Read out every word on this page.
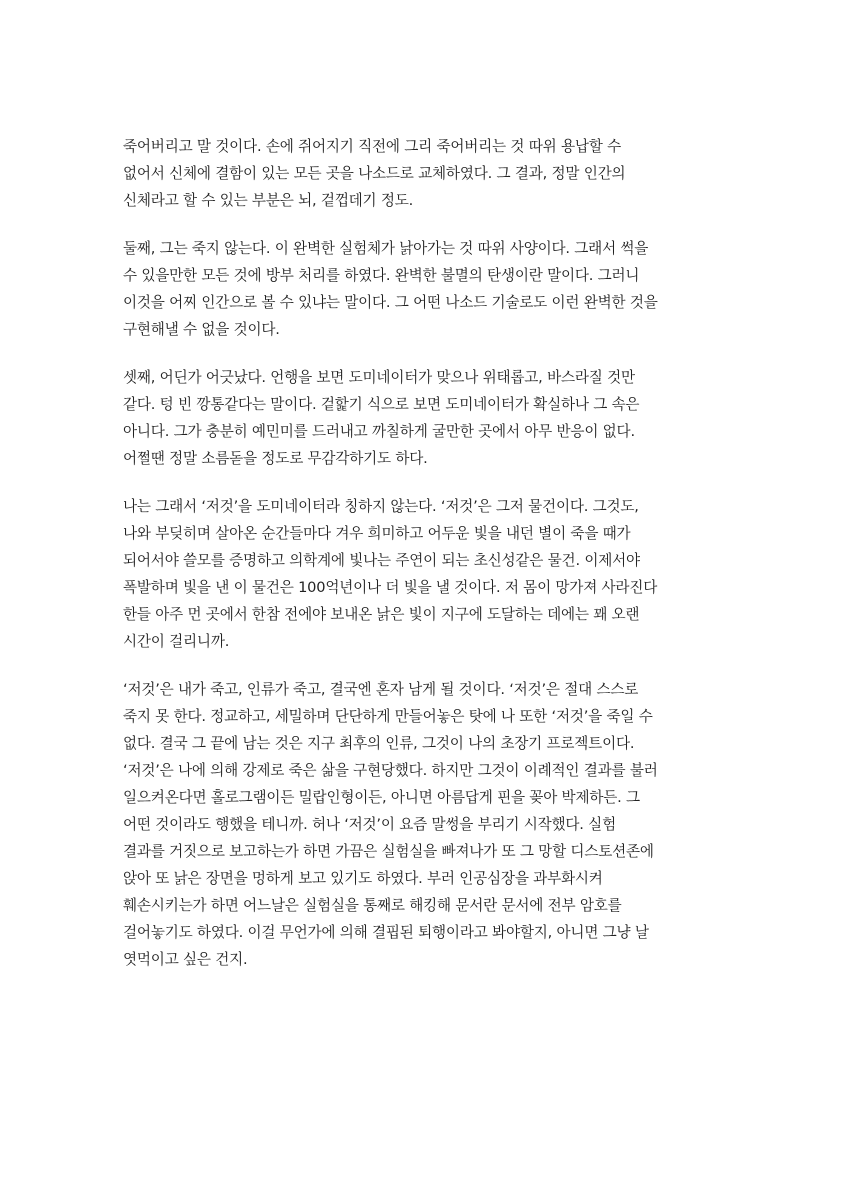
죽어버리고 말 것이다. 손에 쥐어지기 직전에 그리 죽어버리는 것 따위 용납할 수
없어서 신체에 결함이 있는 모든 곳을 나소드로 교체하였다. 그 결과, 정말 인간의
신체라고 할 수 있는 부분은 뇌, 겉껍데기 정도.
둘째, 그는 죽지 않는다. 이 완벽한 실험체가 낡아가는 것 따위 사양이다. 그래서 썩을
수 있을만한 모든 것에 방부 처리를 하였다. 완벽한 불멸의 탄생이란 말이다. 그러니
이것을 어찌 인간으로 볼 수 있냐는 말이다. 그 어떤 나소드 기술로도 이런 완벽한 것을
구현해낼 수 없을 것이다.
셋째, 어딘가 어긋났다. 언행을 보면 도미네이터가 맞으나 위태롭고, 바스라질 것만
같다. 텅 빈 깡통같다는 말이다. 겉핥기 식으로 보면 도미네이터가 확실하나 그 속은
아니다. 그가 충분히 예민미를 드러내고 까칠하게 굴만한 곳에서 아무 반응이 없다.
어쩔땐 정말 소름돋을 정도로 무감각하기도 하다.
나는 그래서 ‘저것’을 도미네이터라 칭하지 않는다. ‘저것’은 그저 물건이다. 그것도,
나와 부딪히며 살아온 순간들마다 겨우 희미하고 어두운 빛을 내던 별이 죽을 때가
되어서야 쓸모를 증명하고 의학계에 빛나는 주연이 되는 초신성같은 물건. 이제서야
폭발하며 빛을 낸 이 물건은 100억년이나 더 빛을 낼 것이다. 저 몸이 망가져 사라진다
한들 아주 먼 곳에서 한참 전에야 보내온 낡은 빛이 지구에 도달하는 데에는 꽤 오랜
시간이 걸리니까.
‘저것’은 내가 죽고, 인류가 죽고, 결국엔 혼자 남게 될 것이다. ‘저것’은 절대 스스로
죽지 못 한다. 정교하고, 세밀하며 단단하게 만들어놓은 탓에 나 또한 ‘저것’을 죽일 수
없다. 결국 그 끝에 남는 것은 지구 최후의 인류, 그것이 나의 초장기 프로젝트이다.
‘저것’은 나에 의해 강제로 죽은 삶을 구현당했다. 하지만 그것이 이례적인 결과를 불러
일으켜온다면 홀로그램이든 밀랍인형이든, 아니면 아름답게 핀을 꽂아 박제하든. 그
어떤 것이라도 행했을 테니까. 허나 ‘저것’이 요즘 말썽을 부리기 시작했다. 실험
결과를 거짓으로 보고하는가 하면 가끔은 실험실을 빠져나가 또 그 망할 디스토션존에
앉아 또 낡은 장면을 멍하게 보고 있기도 하였다. 부러 인공심장을 과부화시켜
훼손시키는가 하면 어느날은 실험실을 통째로 해킹해 문서란 문서에 전부 암호를
걸어놓기도 하였다. 이걸 무언가에 의해 결핍된 퇴행이라고 봐야할지, 아니면 그냥 날
엿먹이고 싶은 건지.
